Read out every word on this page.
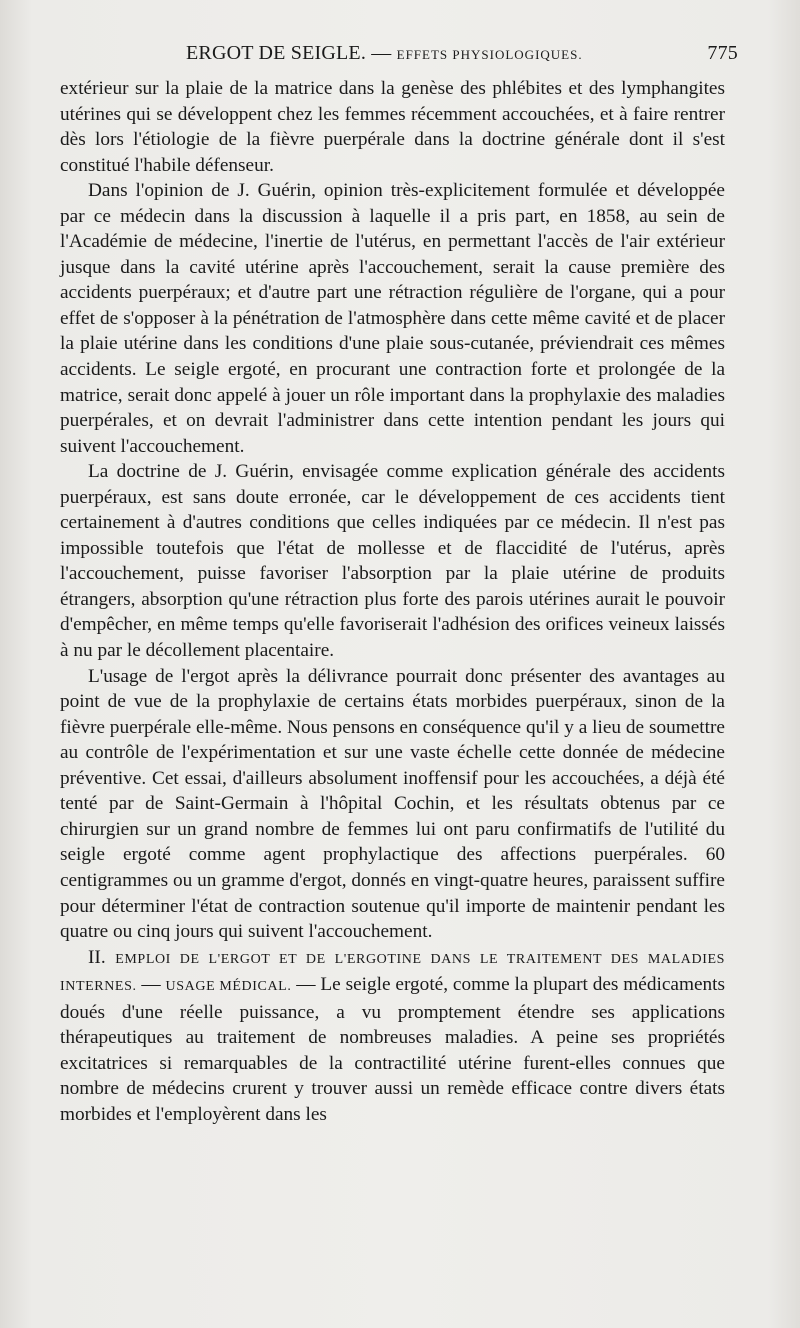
ERGOT DE SEIGLE. — EFFETS PHYSIOLOGIQUES.	775

extérieur sur la plaie de la matrice dans la genèse des phlébites et des lymphangites utérines qui se développent chez les femmes récemment accouchées, et à faire rentrer dès lors l'étiologie de la fièvre puerpérale dans la doctrine générale dont il s'est constitué l'habile défenseur.

Dans l'opinion de J. Guérin, opinion très-explicitement formulée et développée par ce médecin dans la discussion à laquelle il a pris part, en 1858, au sein de l'Académie de médecine, l'inertie de l'utérus, en permettant l'accès de l'air extérieur jusque dans la cavité utérine après l'accouchement, serait la cause première des accidents puerpéraux; et d'autre part une rétraction régulière de l'organe, qui a pour effet de s'opposer à la pénétration de l'atmosphère dans cette même cavité et de placer la plaie utérine dans les conditions d'une plaie sous-cutanée, préviendrait ces mêmes accidents. Le seigle ergoté, en procurant une contraction forte et prolongée de la matrice, serait donc appelé à jouer un rôle important dans la prophylaxie des maladies puerpérales, et on devrait l'administrer dans cette intention pendant les jours qui suivent l'accouchement.

La doctrine de J. Guérin, envisagée comme explication générale des accidents puerpéraux, est sans doute erronée, car le développement de ces accidents tient certainement à d'autres conditions que celles indiquées par ce médecin. Il n'est pas impossible toutefois que l'état de mollesse et de flaccidité de l'utérus, après l'accouchement, puisse favoriser l'absorption par la plaie utérine de produits étrangers, absorption qu'une rétraction plus forte des parois utérines aurait le pouvoir d'empêcher, en même temps qu'elle favoriserait l'adhésion des orifices veineux laissés à nu par le décollement placentaire.

L'usage de l'ergot après la délivrance pourrait donc présenter des avantages au point de vue de la prophylaxie de certains états morbides puerpéraux, sinon de la fièvre puerpérale elle-même. Nous pensons en conséquence qu'il y a lieu de soumettre au contrôle de l'expérimentation et sur une vaste échelle cette donnée de médecine préventive. Cet essai, d'ailleurs absolument inoffensif pour les accouchées, a déjà été tenté par de Saint-Germain à l'hôpital Cochin, et les résultats obtenus par ce chirurgien sur un grand nombre de femmes lui ont paru confirmatifs de l'utilité du seigle ergoté comme agent prophylactique des affections puerpérales. 60 centigrammes ou un gramme d'ergot, donnés en vingt-quatre heures, paraissent suffire pour déterminer l'état de contraction soutenue qu'il importe de maintenir pendant les quatre ou cinq jours qui suivent l'accouchement.

II. EMPLOI DE L'ERGOT ET DE L'ERGOTINE DANS LE TRAITEMENT DES MALADIES INTERNES. — USAGE MÉDICAL. — Le seigle ergoté, comme la plupart des médicaments doués d'une réelle puissance, a vu promptement étendre ses applications thérapeutiques au traitement de nombreuses maladies. A peine ses propriétés excitatrices si remarquables de la contractilité utérine furent-elles connues que nombre de médecins crurent y trouver aussi un remède efficace contre divers états morbides et l'employèrent dans les
